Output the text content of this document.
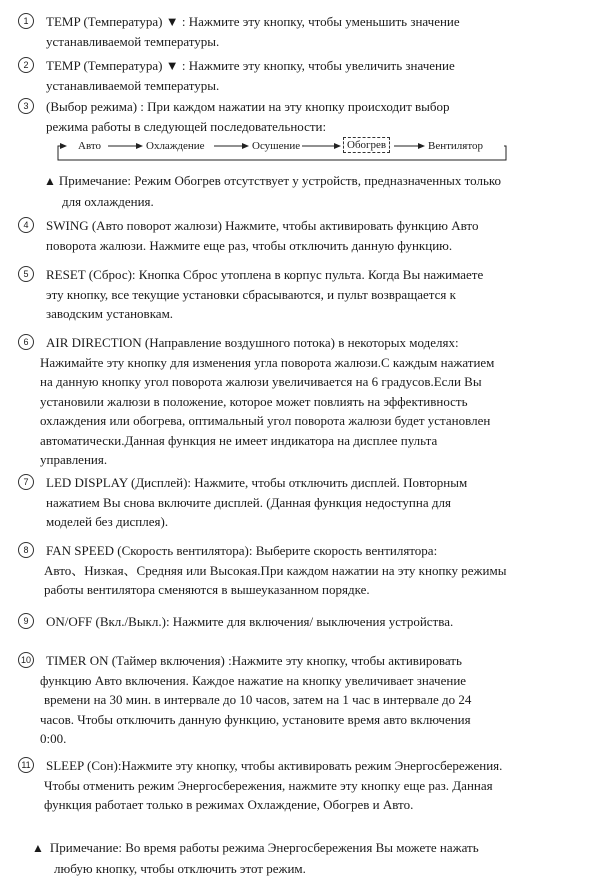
1	TEMP (Температура) ▼ : Нажмите эту кнопку, чтобы уменьшить значение
устанавливаемой температуры.
2	TEMP (Температура) ▼ : Нажмите эту кнопку, чтобы увеличить значение
устанавливаемой температуры.
3	(Выбор режима) : При каждом нажатии на эту кнопку происходит выбор
режима работы в следующей последовательности:
Авто	Охлаждение	Осушение	Обогрев	Вентилятор
▲ Примечание: Режим Обогрев отсутствует у устройств, предназначенных только
для охлаждения.
4	SWING (Авто поворот жалюзи) Нажмите, чтобы активировать функцию Авто
поворота жалюзи. Нажмите еще раз, чтобы отключить данную функцию.
5	RESET (Сброс): Кнопка Сброс утоплена в корпус пульта. Когда Вы нажимаете
эту кнопку, все текущие установки сбрасываются, и пульт возвращается к
заводским установкам.
6	AIR DIRECTION (Направление воздушного потока) в некоторых моделях:
Нажимайте эту кнопку для изменения угла поворота жалюзи.С каждым нажатием
на данную кнопку угол поворота жалюзи увеличивается на 6 градусов.Если Вы
установили жалюзи в положение, которое может повлиять на эффективность
охлаждения или обогрева, оптимальный угол поворота жалюзи будет установлен
автоматически.Данная функция не имеет индикатора на дисплее пульта
управления.
7	LED DISPLAY (Дисплей): Нажмите, чтобы отключить дисплей. Повторным
нажатием Вы снова включите дисплей. (Данная функция недоступна для
моделей без дисплея).
8	FAN SPEED (Скорость вентилятора): Выберите скорость вентилятора:
Авто、Низкая、Средняя или Высокая.При каждом нажатии на эту кнопку режимы
работы вентилятора сменяются в вышеуказанном порядке.
9	ON/OFF (Вкл./Выкл.): Нажмите для включения/ выключения устройства.
10 TIMER ON (Таймер включения) :Нажмите эту кнопку, чтобы активировать
функцию Авто включения. Каждое нажатие на кнопку увеличивает значение
времени на 30 мин. в интервале до 10 часов, затем на 1 час в интервале до 24
часов. Чтобы отключить данную функцию, установите время авто включения
0:00.
11 SLEEP (Сон):Нажмите эту кнопку, чтобы активировать режим Энергосбережения.
Чтобы отменить режим Энергосбережения, нажмите эту кнопку еще раз. Данная
функция работает только в режимах Охлаждение, Обогрев и Авто.
▲ Примечание: Во время работы режима Энергосбережения Вы можете нажать
любую кнопку, чтобы отключить этот режим.
